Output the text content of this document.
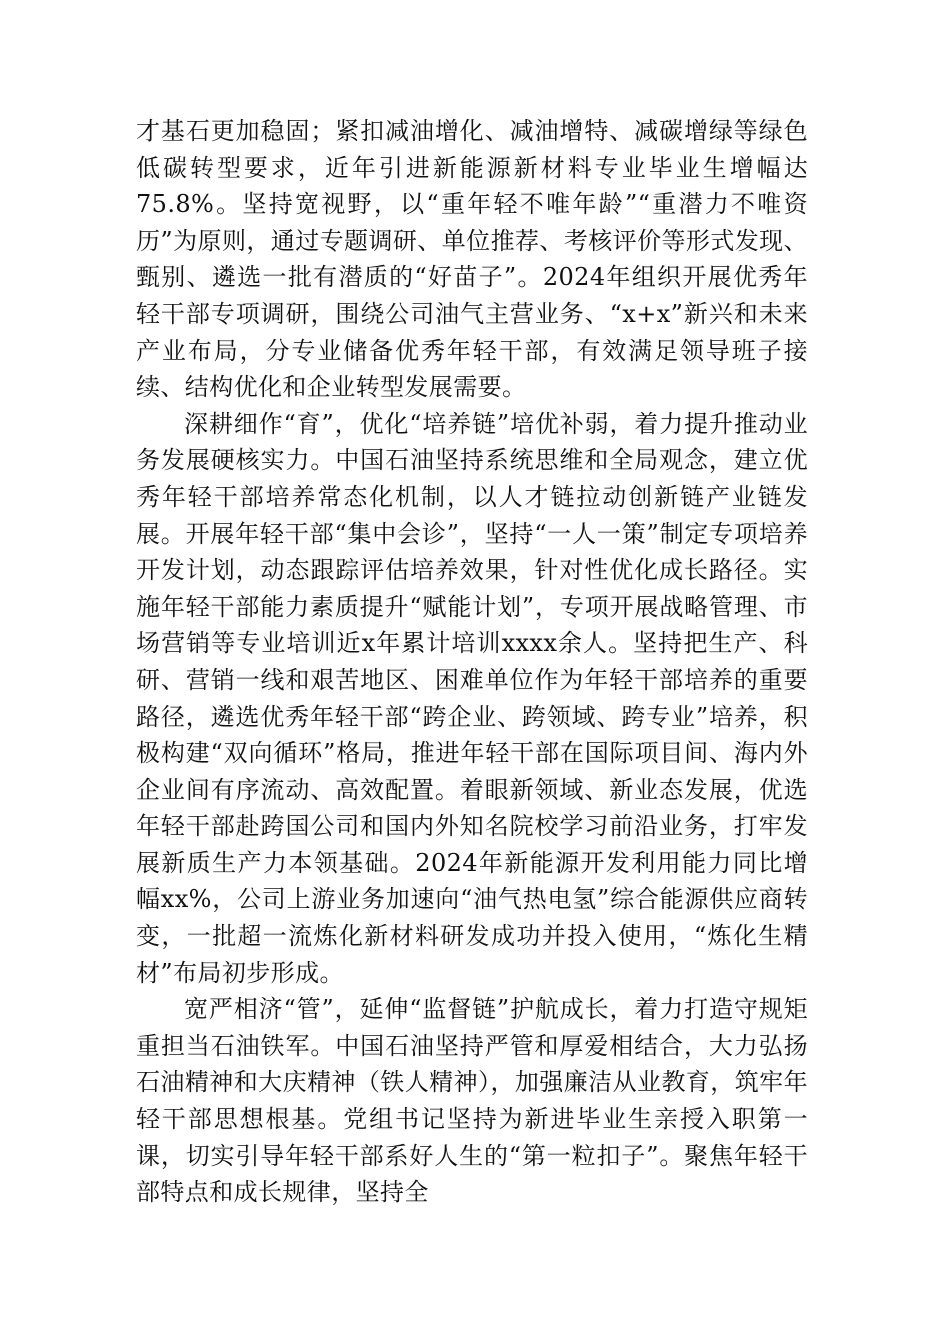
才基石更加稳固；紧扣减油增化、减油增特、减碳增绿等绿色低碳转型要求，近年引进新能源新材料专业毕业生增幅达75.8%。坚持宽视野，以“重年轻不唯年龄”“重潜力不唯资历”为原则，通过专题调研、单位推荐、考核评价等形式发现、甄别、遴选一批有潜质的“好苗子”。2024年组织开展优秀年轻干部专项调研，围绕公司油气主营业务、“x+x”新兴和未来产业布局，分专业储备优秀年轻干部，有效满足领导班子接续、结构优化和企业转型发展需要。

深耕细作“育”，优化“培养链”培优补弱，着力提升推动业务发展硬核实力。中国石油坚持系统思维和全局观念，建立优秀年轻干部培养常态化机制，以人才链拉动创新链产业链发展。开展年轻干部“集中会诊”，坚持“一人一策”制定专项培养开发计划，动态跟踪评估培养效果，针对性优化成长路径。实施年轻干部能力素质提升“赋能计划”，专项开展战略管理、市场营销等专业培训近x年累计培训xxxx余人。坚持把生产、科研、营销一线和艰苦地区、困难单位作为年轻干部培养的重要路径，遴选优秀年轻干部“跨企业、跨领域、跨专业”培养，积极构建“双向循环”格局，推进年轻干部在国际项目间、海内外企业间有序流动、高效配置。着眼新领域、新业态发展，优选年轻干部赴跨国公司和国内外知名院校学习前沿业务，打牢发展新质生产力本领基础。2024年新能源开发利用能力同比增幅xx%，公司上游业务加速向“油气热电氢”综合能源供应商转变，一批超一流炼化新材料研发成功并投入使用，“炼化生精材”布局初步形成。

宽严相济“管”，延伸“监督链”护航成长，着力打造守规矩重担当石油铁军。中国石油坚持严管和厚爱相结合，大力弘扬石油精神和大庆精神（铁人精神），加强廉洁从业教育，筑牢年轻干部思想根基。党组书记坚持为新进毕业生亲授入职第一课，切实引导年轻干部系好人生的“第一粒扣子”。聚焦年轻干部特点和成长规律，坚持全
